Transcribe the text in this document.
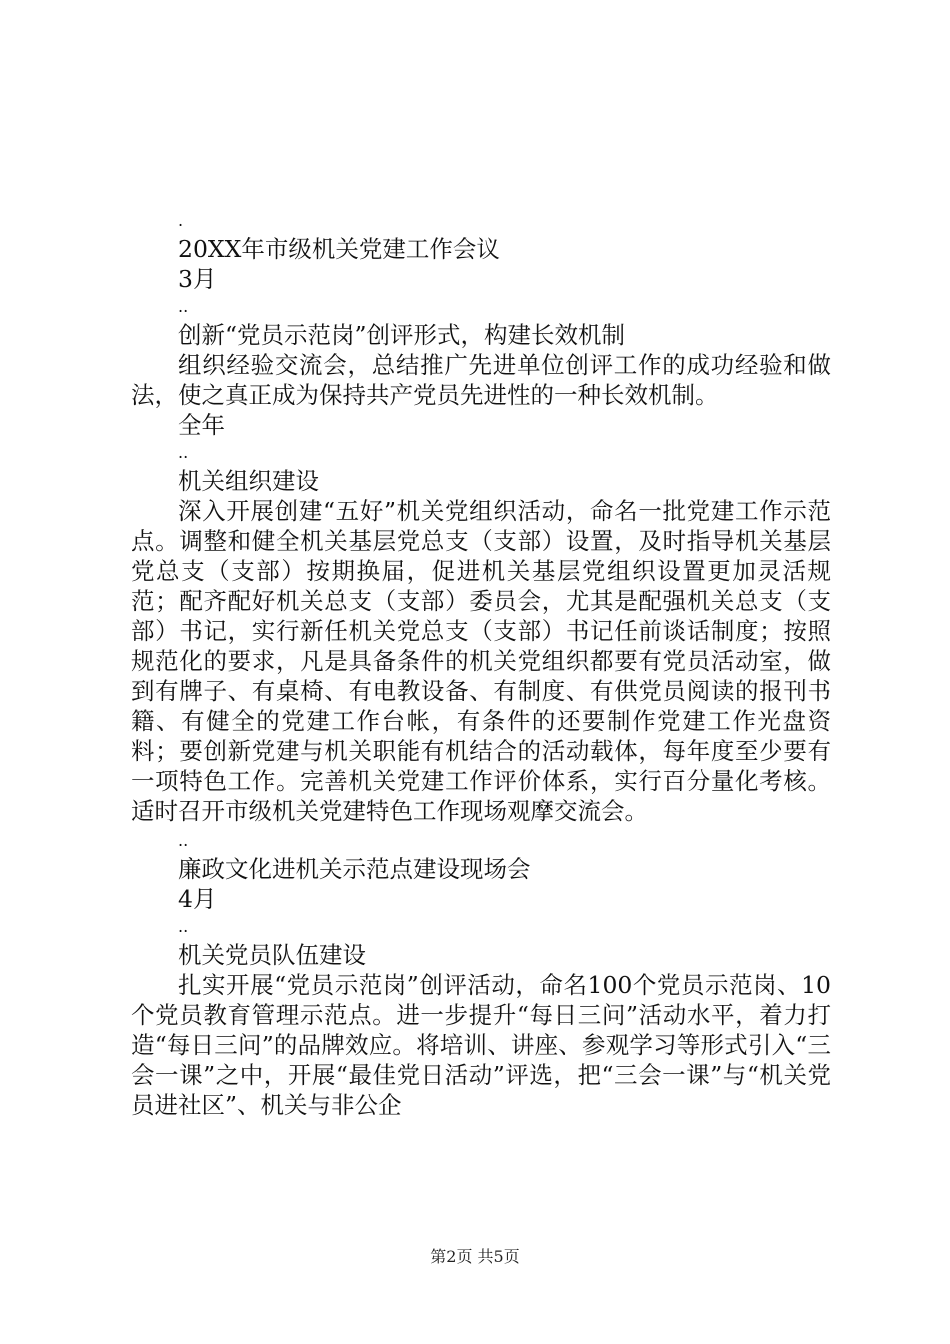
.
20XX年市级机关党建工作会议
3月
..
创新“党员示范岗”创评形式，构建长效机制

组织经验交流会，总结推广先进单位创评工作的成功经验和做法，使之真正成为保持共产党员先进性的一种长效机制。

全年
..
机关组织建设

深入开展创建“五好”机关党组织活动，命名一批党建工作示范点。调整和健全机关基层党总支（支部）设置，及时指导机关基层党总支（支部）按期换届，促进机关基层党组织设置更加灵活规范；配齐配好机关总支（支部）委员会，尤其是配强机关总支（支部）书记，实行新任机关党总支（支部）书记任前谈话制度；按照规范化的要求，凡是具备条件的机关党组织都要有党员活动室，做到有牌子、有桌椅、有电教设备、有制度、有供党员阅读的报刊书籍、有健全的党建工作台帐，有条件的还要制作党建工作光盘资料；要创新党建与机关职能有机结合的活动载体，每年度至少要有一项特色工作。完善机关党建工作评价体系，实行百分量化考核。适时召开市级机关党建特色工作现场观摩交流会。

..
廉政文化进机关示范点建设现场会
4月
..
机关党员队伍建设

扎实开展“党员示范岗”创评活动，命名100个党员示范岗、10个党员教育管理示范点。进一步提升“每日三问”活动水平，着力打造“每日三问”的品牌效应。将培训、讲座、参观学习等形式引入“三会一课”之中，开展“最佳党日活动”评选，把“三会一课”与“机关党员进社区”、机关与非公企

第2页 共5页
